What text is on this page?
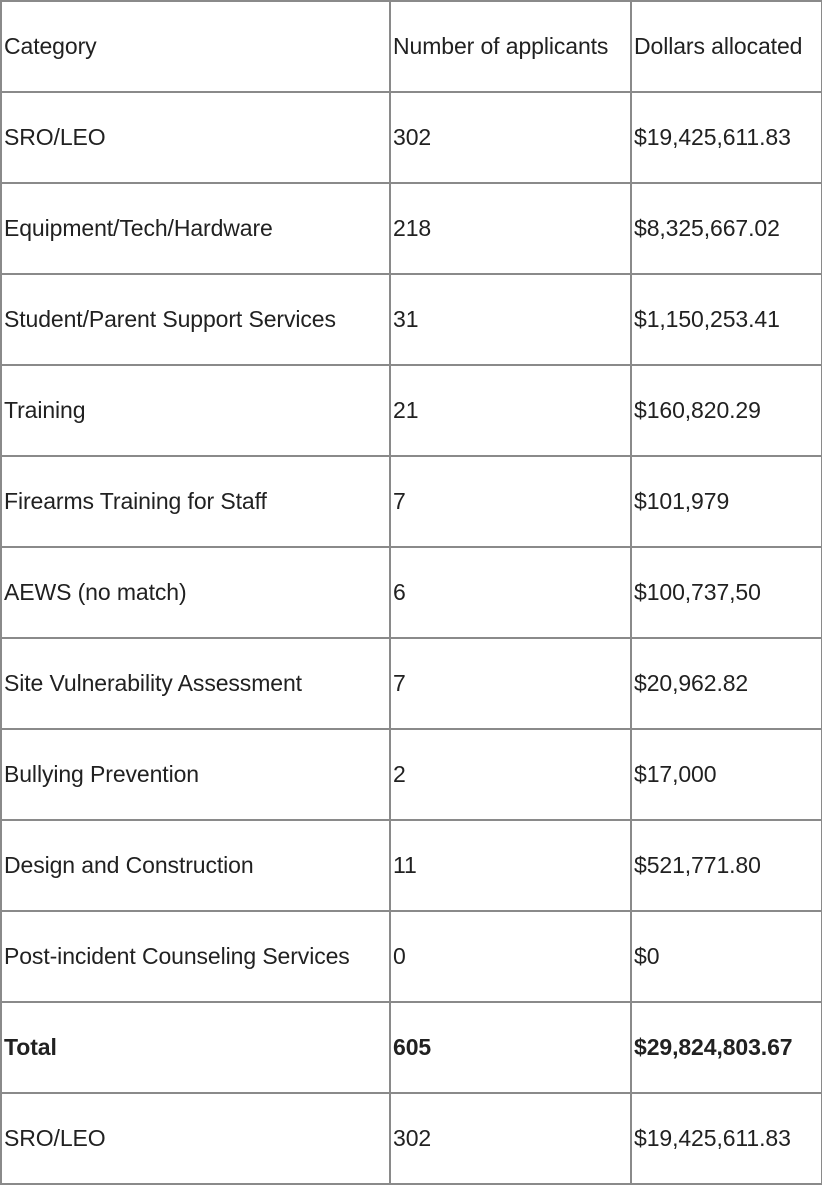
Category	Number of applicants	Dollars allocated
SRO/LEO	302	$19,425,611.83
Equipment/Tech/Hardware	218	$8,325,667.02
Student/Parent Support Services	31	$1,150,253.41
Training	21	$160,820.29
Firearms Training for Staff	7	$101,979
AEWS (no match)	6	$100,737,50
Site Vulnerability Assessment	7	$20,962.82
Bullying Prevention	2	$17,000
Design and Construction	11	$521,771.80
Post-incident Counseling Services	0	$0
Total	605	$29,824,803.67
SRO/LEO	302	$19,425,611.83
